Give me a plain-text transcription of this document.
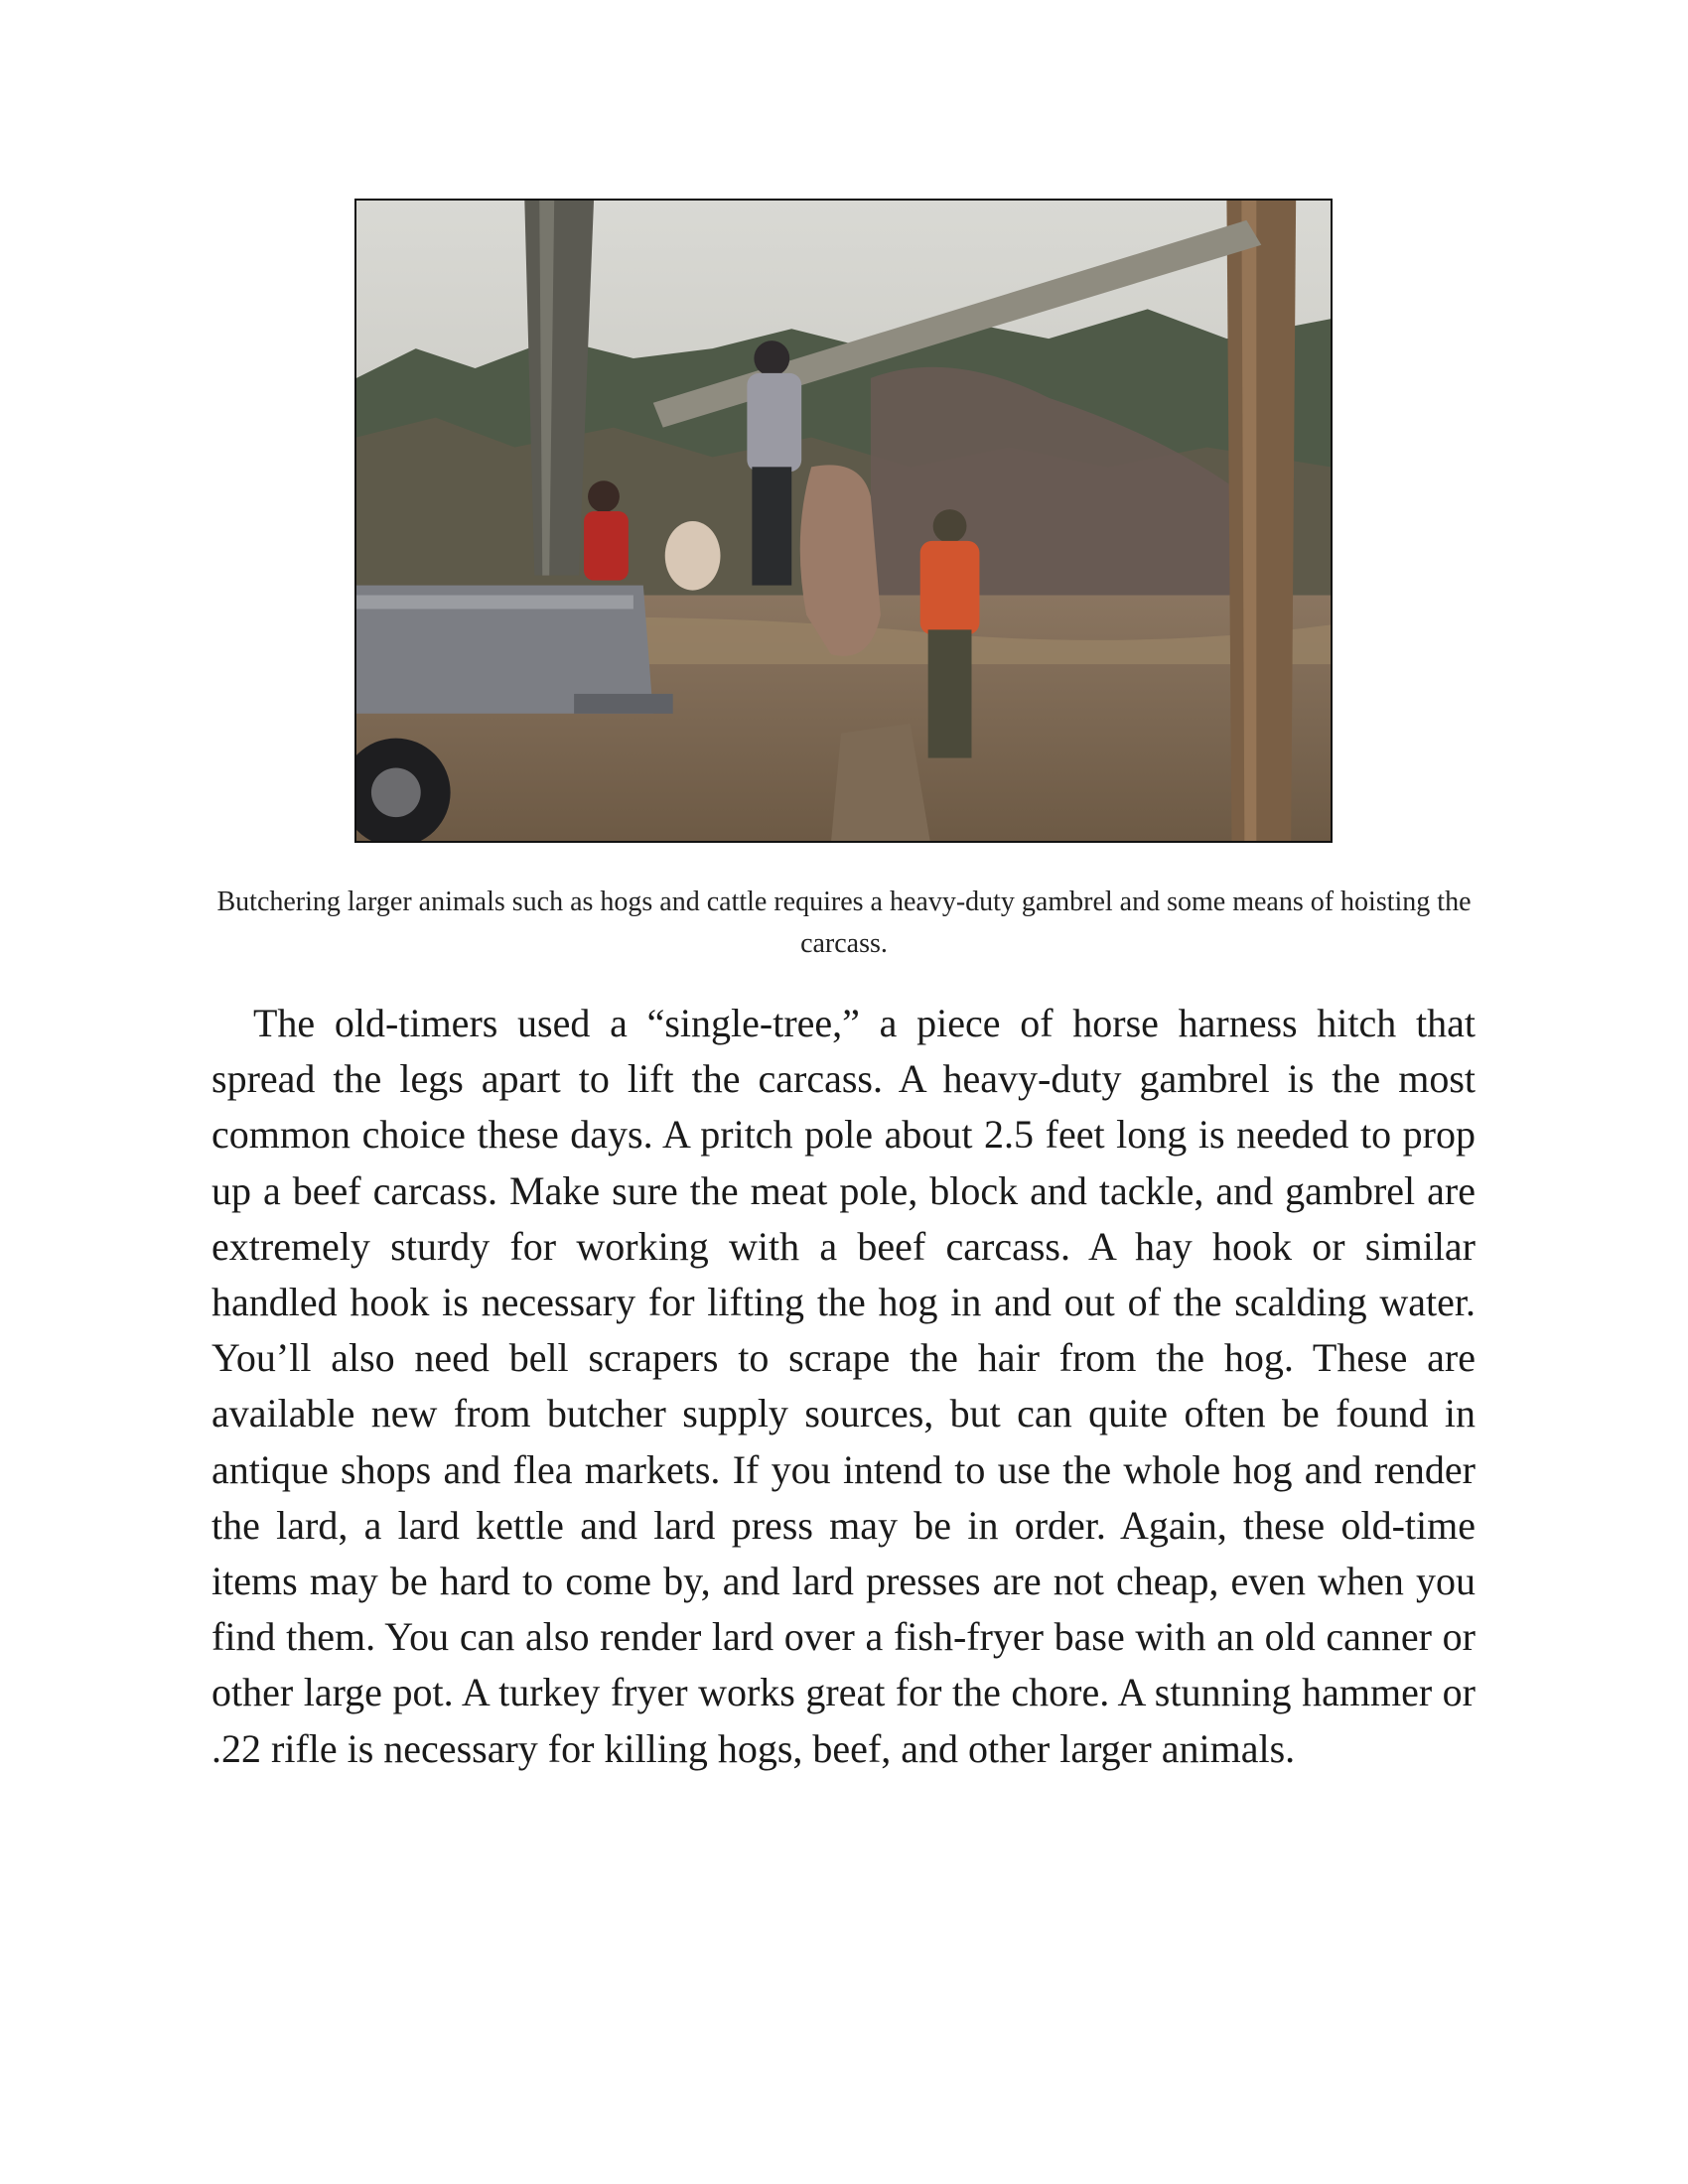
Butchering larger animals such as hogs and cattle requires a heavy-duty gambrel and some means of hoisting the carcass.

The old-timers used a “single-tree,” a piece of horse harness hitch that spread the legs apart to lift the carcass. A heavy-duty gambrel is the most common choice these days. A pritch pole about 2.5 feet long is needed to prop up a beef carcass. Make sure the meat pole, block and tackle, and gambrel are extremely sturdy for working with a beef carcass. A hay hook or similar handled hook is necessary for lifting the hog in and out of the scalding water. You’ll also need bell scrapers to scrape the hair from the hog. These are available new from butcher supply sources, but can quite often be found in antique shops and flea markets. If you intend to use the whole hog and render the lard, a lard kettle and lard press may be in order. Again, these old-time items may be hard to come by, and lard presses are not cheap, even when you find them. You can also render lard over a fish-fryer base with an old canner or other large pot. A turkey fryer works great for the chore. A stunning hammer or .22 rifle is necessary for killing hogs, beef, and other larger animals.
